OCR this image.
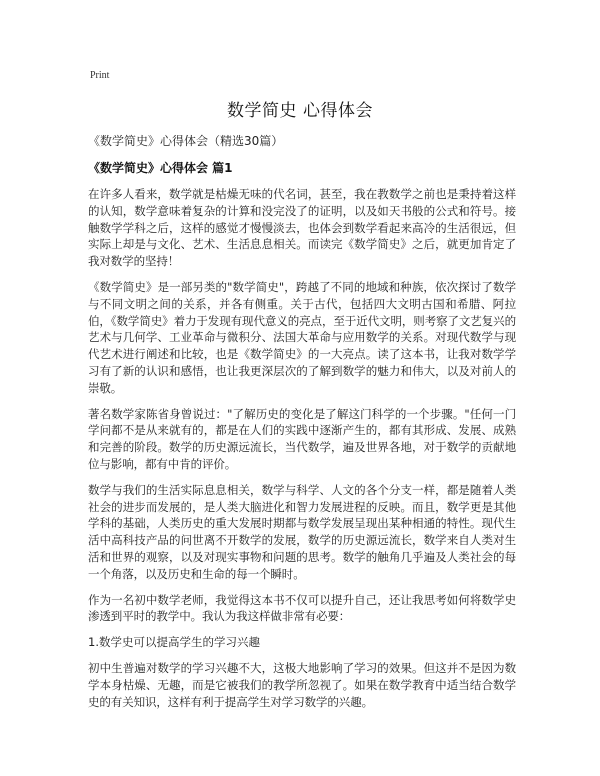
Print
数学简史 心得体会

《数学简史》心得体会（精选30篇）

《数学简史》心得体会 篇1

在许多人看来，数学就是枯燥无味的代名词，甚至，我在教数学之前也是秉持着这样的认知，数学意味着复杂的计算和没完没了的证明，以及如天书般的公式和符号。接触数学学科之后，这样的感觉才慢慢淡去，也体会到数学看起来高冷的生活很远，但实际上却是与文化、艺术、生活息息相关。而读完《数学简史》之后，就更加肯定了我对数学的坚持！

《数学简史》是一部另类的"数学简史"，跨越了不同的地域和种族，依次探讨了数学与不同文明之间的关系，并各有侧重。关于古代，包括四大文明古国和希腊、阿拉伯，《数学简史》着力于发现有现代意义的亮点，至于近代文明，则考察了文艺复兴的艺术与几何学、工业革命与微积分、法国大革命与应用数学的关系。对现代数学与现代艺术进行阐述和比较，也是《数学简史》的一大亮点。读了这本书，让我对数学学习有了新的认识和感悟，也让我更深层次的了解到数学的魅力和伟大，以及对前人的崇敬。

著名数学家陈省身曾说过："了解历史的变化是了解这门科学的一个步骤。"任何一门学问都不是从来就有的，都是在人们的实践中逐渐产生的，都有其形成、发展、成熟和完善的阶段。数学的历史源远流长，当代数学，遍及世界各地，对于数学的贡献地位与影响，都有中肯的评价。

数学与我们的生活实际息息相关，数学与科学、人文的各个分支一样，都是随着人类社会的进步而发展的，是人类大脑进化和智力发展进程的反映。而且，数学更是其他学科的基础，人类历史的重大发展时期都与数学发展呈现出某种相通的特性。现代生活中高科技产品的问世离不开数学的发展，数学的历史源远流长，数学来自人类对生活和世界的观察，以及对现实事物和问题的思考。数学的触角几乎遍及人类社会的每一个角落，以及历史和生命的每一个瞬时。

作为一名初中数学老师，我觉得这本书不仅可以提升自己，还让我思考如何将数学史渗透到平时的教学中。我认为我这样做非常有必要：

1.数学史可以提高学生的学习兴趣

初中生普遍对数学的学习兴趣不大，这极大地影响了学习的效果。但这并不是因为数学本身枯燥、无趣，而是它被我们的教学所忽视了。如果在数学教育中适当结合数学史的有关知识，这样有利于提高学生对学习数学的兴趣。
